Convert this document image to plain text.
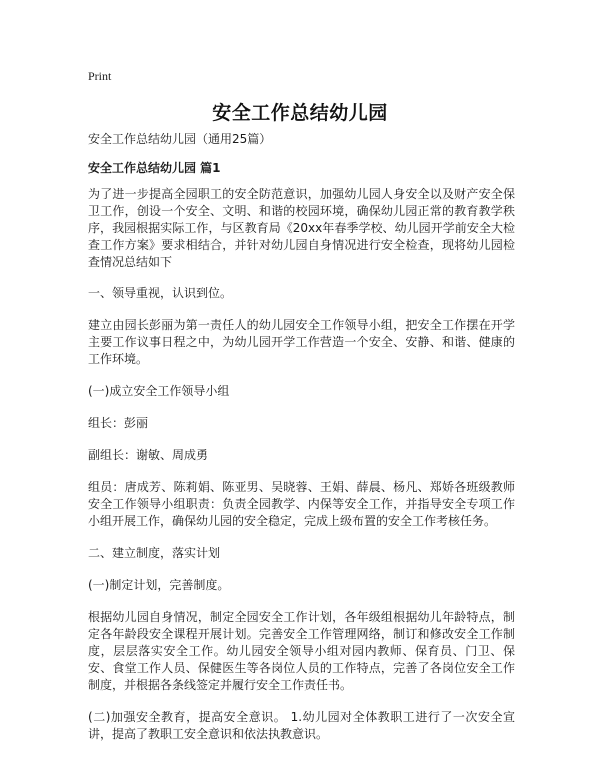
Print
安全工作总结幼儿园

安全工作总结幼儿园（通用25篇）

安全工作总结幼儿园 篇1

为了进一步提高全园职工的安全防范意识，加强幼儿园人身安全以及财产安全保卫工作，创设一个安全、文明、和谐的校园环境，确保幼儿园正常的教育教学秩序，我园根据实际工作，与区教育局《20xx年春季学校、幼儿园开学前安全大检查工作方案》要求相结合，并针对幼儿园自身情况进行安全检查，现将幼儿园检查情况总结如下

一、领导重视，认识到位。

建立由园长彭丽为第一责任人的幼儿园安全工作领导小组，把安全工作摆在开学主要工作议事日程之中，为幼儿园开学工作营造一个安全、安静、和谐、健康的工作环境。

(一)成立安全工作领导小组

组长：彭丽

副组长：谢敏、周成勇

组员：唐成芳、陈莉娟、陈亚男、吴晓蓉、王娟、薛晨、杨凡、郑娇各班级教师安全工作领导小组职责：负责全园教学、内保等安全工作，并指导安全专项工作小组开展工作，确保幼儿园的安全稳定，完成上级布置的安全工作考核任务。

二、建立制度，落实计划

(一)制定计划，完善制度。

根据幼儿园自身情况，制定全园安全工作计划，各年级组根据幼儿年龄特点，制定各年龄段安全课程开展计划。完善安全工作管理网络，制订和修改安全工作制度，层层落实安全工作。幼儿园安全领导小组对园内教师、保育员、门卫、保安、食堂工作人员、保健医生等各岗位人员的工作特点，完善了各岗位安全工作制度，并根据各条线签定并履行安全工作责任书。

(二)加强安全教育，提高安全意识。 1.幼儿园对全体教职工进行了一次安全宣讲，提高了教职工安全意识和依法执教意识。
